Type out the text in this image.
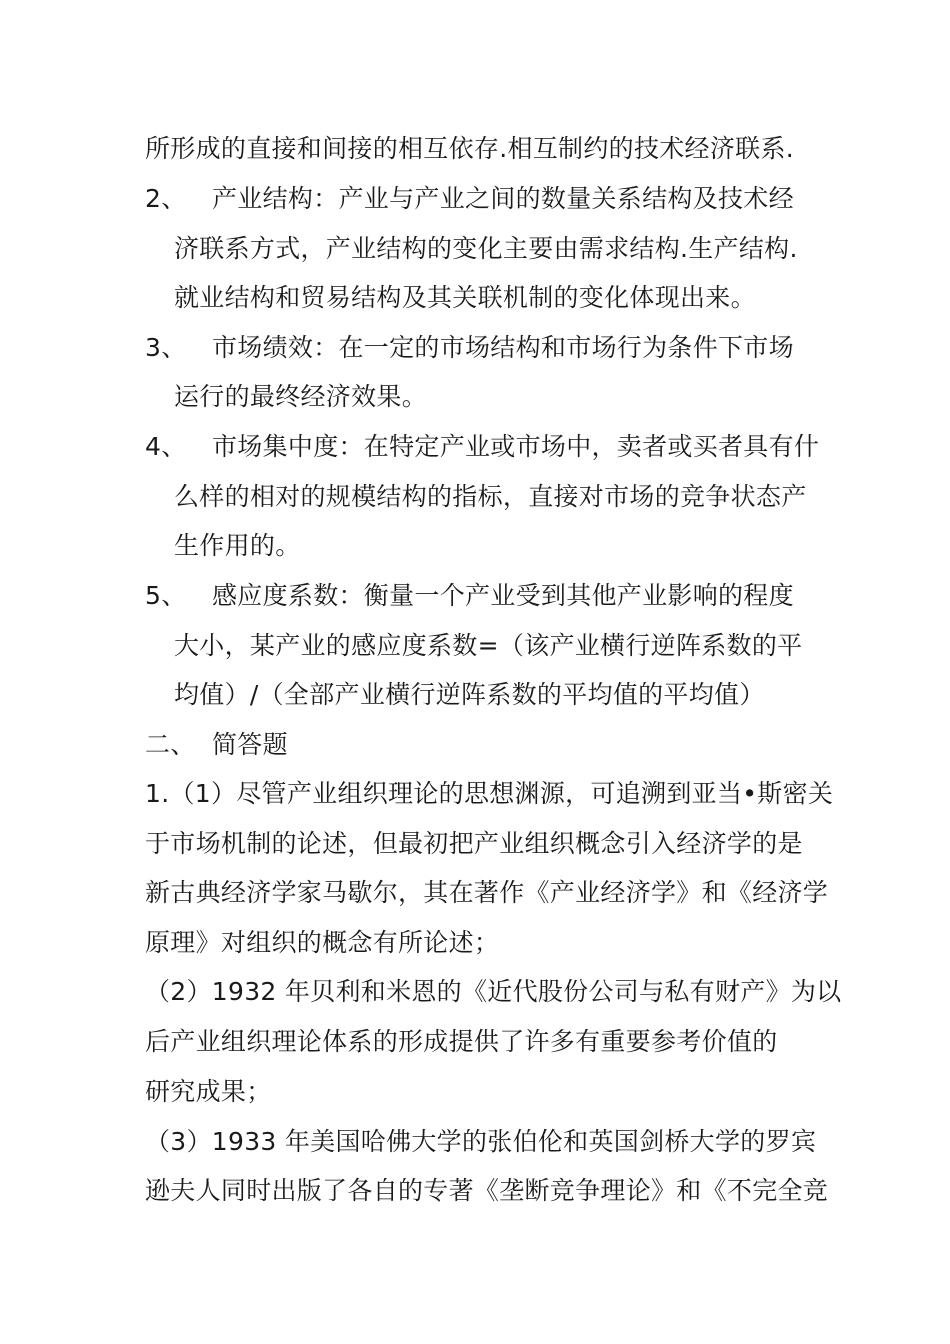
所形成的直接和间接的相互依存.相互制约的技术经济联系.
2、 产业结构：产业与产业之间的数量关系结构及技术经
济联系方式，产业结构的变化主要由需求结构.生产结构.
就业结构和贸易结构及其关联机制的变化体现出来。
3、 市场绩效：在一定的市场结构和市场行为条件下市场
运行的最终经济效果。
4、 市场集中度：在特定产业或市场中，卖者或买者具有什
么样的相对的规模结构的指标，直接对市场的竞争状态产
生作用的。
5、 感应度系数：衡量一个产业受到其他产业影响的程度
大小，某产业的感应度系数=（该产业横行逆阵系数的平
均值）/（全部产业横行逆阵系数的平均值的平均值）
二、 简答题
1.（1）尽管产业组织理论的思想渊源，可追溯到亚当•斯密关
于市场机制的论述，但最初把产业组织概念引入经济学的是
新古典经济学家马歇尔，其在著作《产业经济学》和《经济学
原理》对组织的概念有所论述；
（2）1932 年贝利和米恩的《近代股份公司与私有财产》为以
后产业组织理论体系的形成提供了许多有重要参考价值的
研究成果；
（3）1933 年美国哈佛大学的张伯伦和英国剑桥大学的罗宾
逊夫人同时出版了各自的专著《垄断竞争理论》和《不完全竞
